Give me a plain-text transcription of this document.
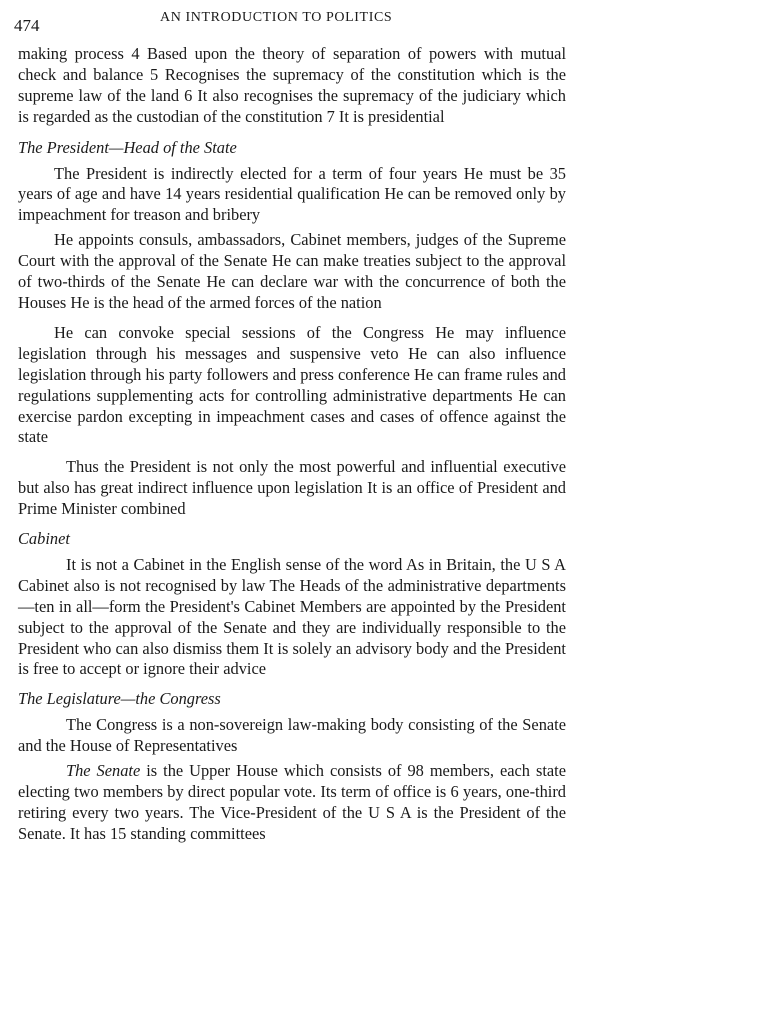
474	AN INTRODUCTION TO POLITICS

making process 4 Based upon the theory of separation of powers with mutual check and balance 5 Recognises the supremacy of the constitution which is the supreme law of the land 6 It also recognises the supremacy of the judiciary which is regarded as the custodian of the constitution 7 It is presidential

The President—Head of the State

The President is indirectly elected for a term of four years He must be 35 years of age and have 14 years residential qualification He can be removed only by impeachment for treason and bribery

He appoints consuls, ambassadors, Cabinet members, judges of the Supreme Court with the approval of the Senate He can make treaties subject to the approval of two-thirds of the Senate He can declare war with the concurrence of both the Houses He is the head of the armed forces of the nation

He can convoke special sessions of the Congress He may influence legislation through his messages and suspensive veto He can also influence legislation through his party followers and press conference He can frame rules and regulations supplementing acts for controlling administrative departments He can exercise pardon excepting in impeachment cases and cases of offence against the state

Thus the President is not only the most powerful and influential executive but also has great indirect influence upon legislation It is an office of President and Prime Minister combined

Cabinet

It is not a Cabinet in the English sense of the word As in Britain, the U S A Cabinet also is not recognised by law The Heads of the administrative departments—ten in all—form the President's Cabinet Members are appointed by the President subject to the approval of the Senate and they are individually responsible to the President who can also dismiss them It is solely an advisory body and the President is free to accept or ignore their advice

The Legislature—the Congress

The Congress is a non-sovereign law-making body consisting of the Senate and the House of Representatives

The Senate is the Upper House which consists of 98 members, each state electing two members by direct popular vote. Its term of office is 6 years, one-third retiring every two years. The Vice-President of the U S A is the President of the Senate. It has 15 standing committees
